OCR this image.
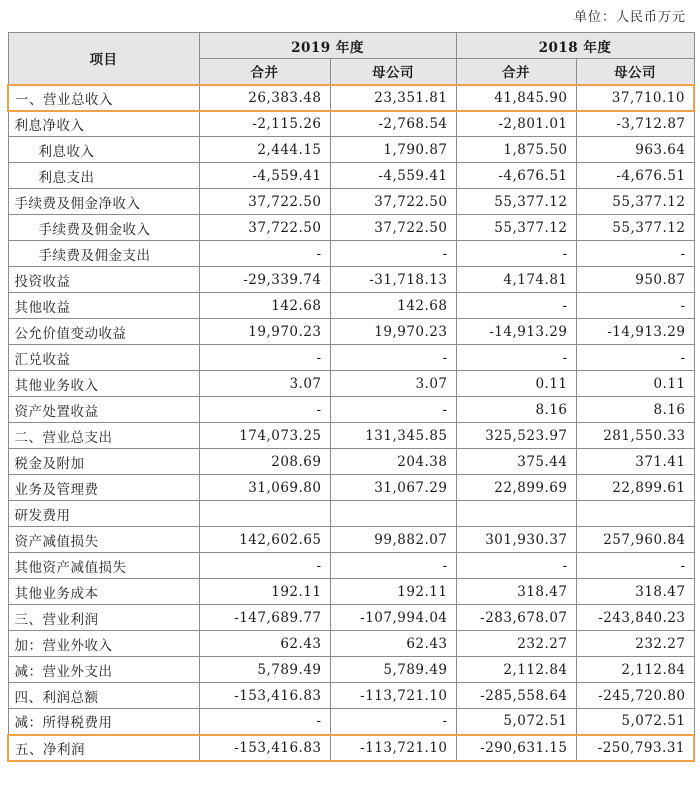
单位：人民币万元
项目	2019 年度		2018 年度	
	合并	母公司	合并	母公司
一、营业总收入	26,383.48	23,351.81	41,845.90	37,710.10
利息净收入	-2,115.26	-2,768.54	-2,801.01	-3,712.87
利息收入	2,444.15	1,790.87	1,875.50	963.64
利息支出	-4,559.41	-4,559.41	-4,676.51	-4,676.51
手续费及佣金净收入	37,722.50	37,722.50	55,377.12	55,377.12
手续费及佣金收入	37,722.50	37,722.50	55,377.12	55,377.12
手续费及佣金支出	-	-	-	-
投资收益	-29,339.74	-31,718.13	4,174.81	950.87
其他收益	142.68	142.68	-	-
公允价值变动收益	19,970.23	19,970.23	-14,913.29	-14,913.29
汇兑收益	-	-	-	-
其他业务收入	3.07	3.07	0.11	0.11
资产处置收益	-	-	8.16	8.16
二、营业总支出	174,073.25	131,345.85	325,523.97	281,550.33
税金及附加	208.69	204.38	375.44	371.41
业务及管理费	31,069.80	31,067.29	22,899.69	22,899.61
研发费用				
资产减值损失	142,602.65	99,882.07	301,930.37	257,960.84
其他资产减值损失	-	-	-	-
其他业务成本	192.11	192.11	318.47	318.47
三、营业利润	-147,689.77	-107,994.04	-283,678.07	-243,840.23
加：营业外收入	62.43	62.43	232.27	232.27
减：营业外支出	5,789.49	5,789.49	2,112.84	2,112.84
四、利润总额	-153,416.83	-113,721.10	-285,558.64	-245,720.80
减：所得税费用	-	-	5,072.51	5,072.51
五、净利润	-153,416.83	-113,721.10	-290,631.15	-250,793.31
